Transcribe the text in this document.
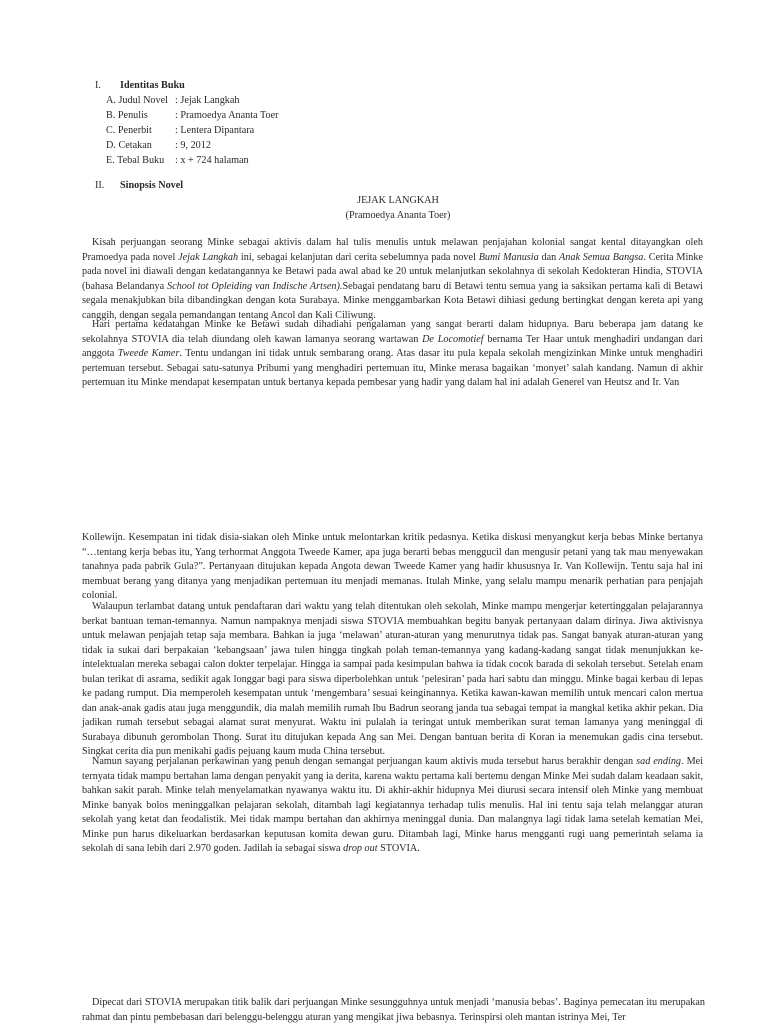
I. Identitas Buku
A. Judul Novel : Jejak Langkah
B. Penulis	: Pramoedya Ananta Toer
C. Penerbit : Lentera Dipantara
D. Cetakan : 9, 2012
E. Tebal Buku : x + 724 halaman
II. Sinopsis Novel
JEJAK LANGKAH
(Pramoedya Ananta Toer)

Kisah perjuangan seorang Minke sebagai aktivis dalam hal tulis menulis untuk melawan penjajahan kolonial sangat kental ditayangkan oleh Pramoedya pada novel Jejak Langkah ini, sebagai kelanjutan dari cerita sebelumnya pada novel Bumi Manusia dan Anak Semua Bangsa. Cerita Minke pada novel ini diawali dengan kedatangannya ke Betawi pada awal abad ke 20 untuk melanjutkan sekolahnya di sekolah Kedokteran Hindia, STOVIA (bahasa Belandanya School tot Opleiding van Indische Artsen).Sebagai pendatang baru di Betawi tentu semua yang ia saksikan pertama kali di Betawi segala menakjubkan bila dibandingkan dengan kota Surabaya. Minke menggambarkan Kota Betawi dihiasi gedung bertingkat dengan kereta api yang canggih, dengan segala pemandangan tentang Ancol dan Kali Ciliwung.

Hari pertama kedatangan Minke ke Betawi sudah dihadiahi pengalaman yang sangat berarti dalam hidupnya. Baru beberapa jam datang ke sekolahnya STOVIA dia telah diundang oleh kawan lamanya seorang wartawan De Locomotief bernama Ter Haar untuk menghadiri undangan dari anggota Tweede Kamer. Tentu undangan ini tidak untuk sembarang orang. Atas dasar itu pula kepala sekolah mengizinkan Minke untuk menghadiri pertemuan tersebut. Sebagai satu-satunya Pribumi yang menghadiri pertemuan itu, Minke merasa bagaikan ‘monyet’ salah kandang. Namun di akhir pertemuan itu Minke mendapat kesempatan untuk bertanya kepada pembesar yang hadir yang dalam hal ini adalah Generel van Heutsz and Ir. Van

Kollewijn. Kesempatan ini tidak disia-siakan oleh Minke untuk melontarkan kritik pedasnya. Ketika diskusi menyangkut kerja bebas Minke bertanya “…tentang kerja bebas itu, Yang terhormat Anggota Tweede Kamer, apa juga berarti bebas menggucil dan mengusir petani yang tak mau menyewakan tanahnya pada pabrik Gula?”. Pertanyaan ditujukan kepada Angota dewan Tweede Kamer yang hadir khususnya Ir. Van Kollewijn. Tentu saja hal ini membuat berang yang ditanya yang menjadikan pertemuan itu menjadi memanas. Itulah Minke, yang selalu mampu menarik perhatian para penjajah colonial.

Walaupun terlambat datang untuk pendaftaran dari waktu yang telah ditentukan oleh sekolah, Minke mampu mengerjar ketertinggalan pelajarannya berkat bantuan teman-temannya. Namun nampaknya menjadi siswa STOVIA membuahkan begitu banyak pertanyaan dalam dirinya. Jiwa aktivisnya untuk melawan penjajah tetap saja membara. Bahkan ia juga ‘melawan’ aturan-aturan yang menurutnya tidak pas. Sangat banyak aturan-aturan yang tidak ia sukai dari berpakaian ‘kebangsaan’ jawa tulen hingga tingkah polah teman-temannya yang kadang-kadang sangat tidak menunjukkan ke-intelektualan mereka sebagai calon dokter terpelajar. Hingga ia sampai pada kesimpulan bahwa ia tidak cocok barada di sekolah tersebut. Setelah enam bulan terikat di asrama, sedikit agak longgar bagi para siswa diperbolehkan untuk ‘pelesiran’ pada hari sabtu dan minggu. Minke bagai kerbau di lepas ke padang rumput. Dia memperoleh kesempatan untuk ‘mengembara’ sesuai keinginannya. Ketika kawan-kawan memilih untuk mencari calon mertua dan anak-anak gadis atau juga menggundik, dia malah memilih rumah Ibu Badrun seorang janda tua sebagai tempat ia mangkal ketika akhir pekan. Dia jadikan rumah tersebut sebagai alamat surat menyurat. Waktu ini pulalah ia teringat untuk memberikan surat teman lamanya yang meninggal di Surabaya dibunuh gerombolan Thong. Surat itu ditujukan kepada Ang san Mei. Dengan bantuan berita di Koran ia menemukan gadis cina tersebut. Singkat cerita dia pun menikahi gadis pejuang kaum muda China tersebut.

Namun sayang perjalanan perkawinan yang penuh dengan semangat perjuangan kaum aktivis muda tersebut harus berakhir dengan sad ending. Mei ternyata tidak mampu bertahan lama dengan penyakit yang ia derita, karena waktu pertama kali bertemu dengan Minke Mei sudah dalam keadaan sakit, bahkan sakit parah. Minke telah menyelamatkan nyawanya waktu itu. Di akhir-akhir hidupnya Mei diurusi secara intensif oleh Minke yang membuat Minke banyak bolos meninggalkan pelajaran sekolah, ditambah lagi kegiatannya terhadap tulis menulis. Hal ini tentu saja telah melanggar aturan sekolah yang ketat dan feodalistik. Mei tidak mampu bertahan dan akhirnya meninggal dunia. Dan malangnya lagi tidak lama setelah kematian Mei, Minke pun harus dikeluarkan berdasarkan keputusan komita dewan guru. Ditambah lagi, Minke harus mengganti rugi uang pemerintah selama ia sekolah di sana lebih dari 2.970 goden. Jadilah ia sebagai siswa drop out STOVIA.

Dipecat dari STOVIA merupakan titik balik dari perjuangan Minke sesungguhnya untuk menjadi ‘manusia bebas’. Baginya pemecatan itu merupakan rahmat dan pintu pembebasan dari belenggu-belenggu aturan yang mengikat jiwa bebasnya. Terinspirsi oleh mantan istrinya Mei, Ter
